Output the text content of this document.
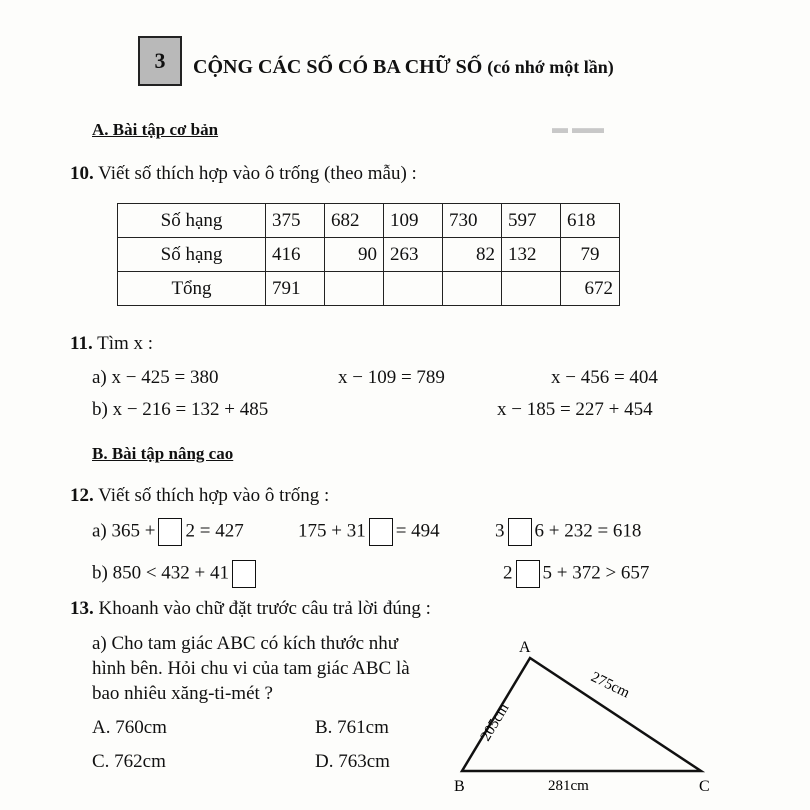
▬ ▬▬
3	CỘNG CÁC SỐ CÓ BA CHỮ SỐ (có nhớ một lần)
A. Bài tập cơ bản
10. Viết số thích hợp vào ô trống (theo mẫu) :
Số hạng	375	682	109	730	597	618
Số hạng	416	90	263	82	132	79
Tổng	791					672
11. Tìm x :
a) x − 425 = 380	x − 109 = 789	x − 456 = 404
b) x − 216 = 132 + 485	x − 185 = 227 + 454
B. Bài tập nâng cao
12. Viết số thích hợp vào ô trống :
a) 365 + 2 = 427	175 + 31 = 494	3 6 + 232 = 618
b) 850 < 432 + 41	2 5 + 372 > 657
13. Khoanh vào chữ đặt trước câu trả lời đúng :
a) Cho tam giác ABC có kích thước như
hình bên. Hỏi chu vi của tam giác ABC là
bao nhiêu xăng-ti-mét ?
A. 760cm	B. 761cm
C. 762cm	D. 763cm
A
B	C
205cm
275cm
281cm
